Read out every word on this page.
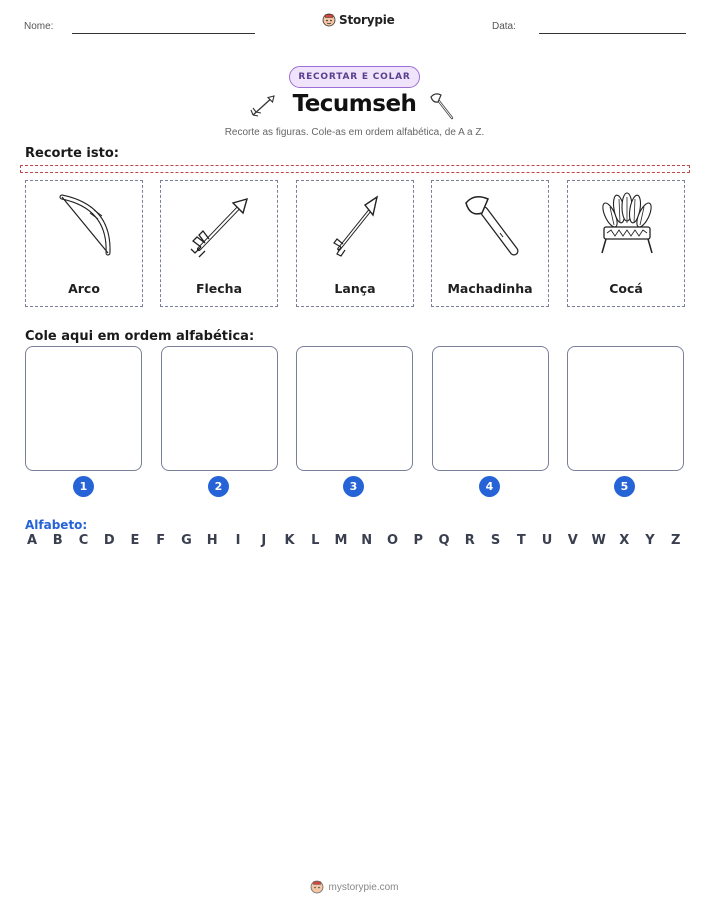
Nome:	Data:
Storypie
RECORTAR E COLAR
Tecumseh
Recorte as figuras. Cole-as em ordem alfabética, de A a Z.
Recorte isto:
Arco	Flecha	Lança	Machadinha	Cocá
Cole aqui em ordem alfabética:
1	2	3	4	5
Alfabeto:
A B C D E F G H	I	J	K L M N O P Q R S T U V W X Y Z
mystorypie.com
